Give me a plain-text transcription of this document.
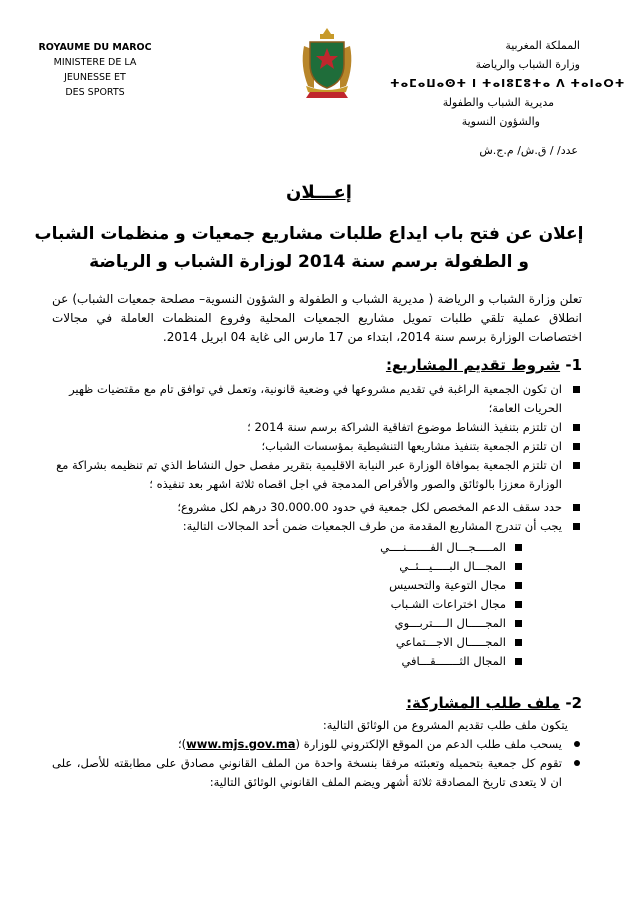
ROYAUME DU MAROC
MINISTERE DE LA JEUNESSE ET
DES SPORTS
المملكة المغربية
وزارة الشباب والرياضة
ⵜⴰⵎⴰⵡⴰⵙⵜ ⵏ ⵜⴰⵏⵓⵎⵓⵜⴰ ⴷ ⵜⴰⵏⴰⵔⵜ
مديرية الشباب والطفولة
والشؤون النسوية
عدد/ / ق.ش/ م.ج.ش
إعـــلان
إعلان عن فتح باب ايداع طلبات مشاريع جمعيات و منظمات الشباب و الطفولة برسم سنة 2014 لوزارة الشباب و الرياضة
تعلن وزارة الشباب و الرياضة ( مديرية الشباب و الطفولة و الشؤون النسوية– مصلحة جمعيات الشباب) عن انطلاق عملية تلقي طلبات تمويل مشاريع الجمعيات المحلية وفروع المنظمات العاملة في مجالات اختصاصات الوزارة برسم سنة 2014، ابتداء من 17 مارس الى غاية 04 ابريل 2014.
1- شروط تقديم المشاريع:
ان تكون الجمعية الراغبة في تقديم مشروعها في وضعية قانونية، وتعمل في توافق تام مع مقتضيات ظهير الحريات العامة؛
ان تلتزم بتنفيذ النشاط موضوع اتفاقية الشراكة برسم سنة 2014 ؛
ان تلتزم الجمعية بتنفيذ مشاريعها التنشيطية بمؤسسات الشباب؛
ان تلتزم الجمعية بموافاة الوزارة عبر النيابة الاقليمية بتقرير مفصل حول النشاط الذي تم تنظيمه بشراكة مع الوزارة معززا بالوثائق والصور والأقراص المدمجة في اجل اقصاه ثلاثة اشهر بعد تنفيذه ؛
حدد سقف الدعم المخصص لكل جمعية في حدود 30.000.00 درهم لكل مشروع؛
يجب أن تندرج المشاريع المقدمة من طرف الجمعيات ضمن أحد المجالات التالية:
المـــــجـــال الفـــــــنــــي
المجـــال البـــــيـــئــي
مجال التوعية والتحسيس
مجال اختراعات الشـباب
المجـــــال الــــتربـــوي
المجـــــال الاجـــتماعي
المجال الثـــــــقـــافي
2- ملف طلب المشاركة:
يتكون ملف طلب تقديم المشروع من الوثائق التالية:
يسحب ملف طلب الدعم من الموقع الإلكتروني للوزارة (www.mjs.gov.ma)؛
تقوم كل جمعية بتحميله وتعبئته مرفقا بنسخة واحدة من الملف القانوني مصادق على مطابقته للأصل، على ان لا يتعدى تاريخ المصادقة ثلاثة أشهر ويضم الملف القانوني الوثائق التالية:
